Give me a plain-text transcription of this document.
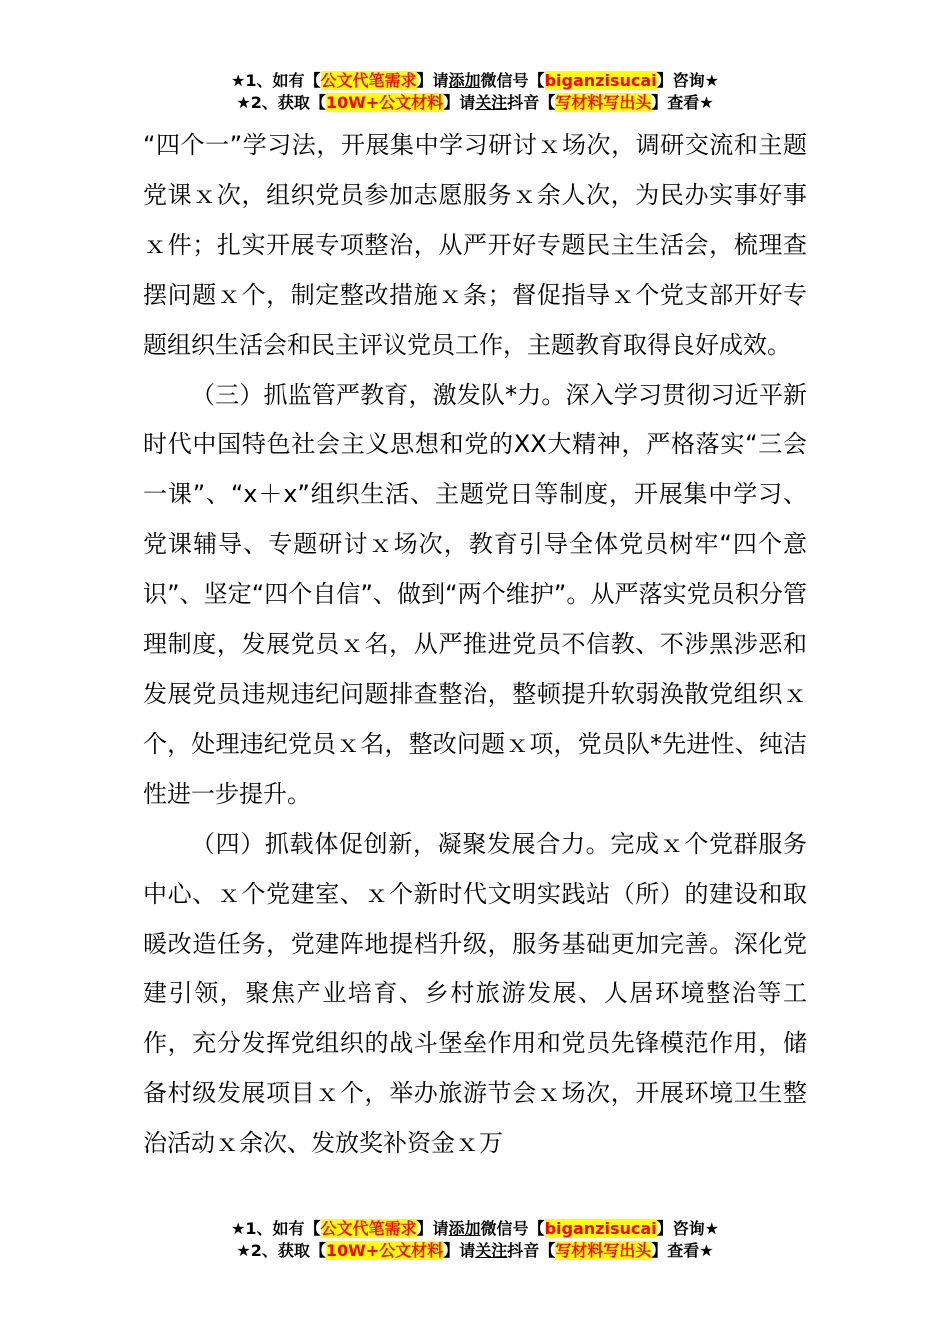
★1、如有【公文代笔需求】请添加微信号【biganzisucai】咨询★
★2、获取【10W+公文材料】请关注抖音【写材料写出头】查看★

“四个一”学习法，开展集中学习研讨ｘ场次，调研交流和主题党课ｘ次，组织党员参加志愿服务ｘ余人次，为民办实事好事ｘ件；扎实开展专项整治，从严开好专题民主生活会，梳理查摆问题ｘ个，制定整改措施ｘ条；督促指导ｘ个党支部开好专题组织生活会和民主评议党员工作，主题教育取得良好成效。

（三）抓监管严教育，激发队*力。深入学习贯彻习近平新时代中国特色社会主义思想和党的XX大精神，严格落实“三会一课”、“x＋x”组织生活、主题党日等制度，开展集中学习、党课辅导、专题研讨ｘ场次，教育引导全体党员树牢“四个意识”、坚定“四个自信”、做到“两个维护”。从严落实党员积分管理制度，发展党员ｘ名，从严推进党员不信教、不涉黑涉恶和发展党员违规违纪问题排查整治，整顿提升软弱涣散党组织ｘ个，处理违纪党员ｘ名，整改问题ｘ项，党员队*先进性、纯洁性进一步提升。

（四）抓载体促创新，凝聚发展合力。完成ｘ个党群服务中心、ｘ个党建室、ｘ个新时代文明实践站（所）的建设和取暖改造任务，党建阵地提档升级，服务基础更加完善。深化党建引领，聚焦产业培育、乡村旅游发展、人居环境整治等工作，充分发挥党组织的战斗堡垒作用和党员先锋模范作用，储备村级发展项目ｘ个，举办旅游节会ｘ场次，开展环境卫生整治活动ｘ余次、发放奖补资金ｘ万

★1、如有【公文代笔需求】请添加微信号【biganzisucai】咨询★
★2、获取【10W+公文材料】请关注抖音【写材料写出头】查看★
